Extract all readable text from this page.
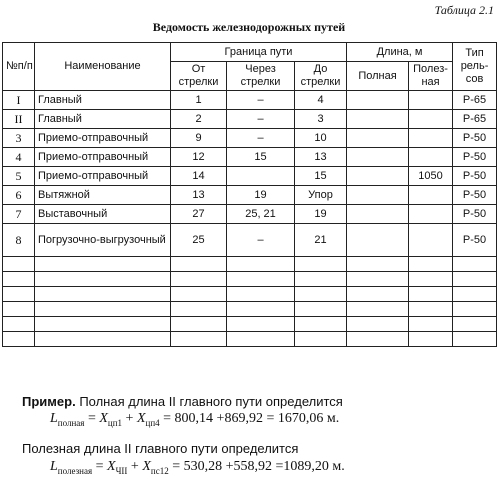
Таблица 2.1
Ведомость железнодорожных путей
№п/п	Наименование	Граница пути			Длина, м		Тип рель-сов
		От стрелки	Через стрелки	До стрелки	Полная	Полез-ная	
I	Главный	1	–	4			Р-65
II	Главный	2	–	3			Р-65
3	Приемо-отправочный	9	–	10			Р-50
4	Приемо-отправочный	12	15	13			Р-50
5	Приемо-отправочный	14		15		1050	Р-50
6	Вытяжной	13	19	Упор			Р-50
7	Выставочный	27	25, 21	19			Р-50
8	Погрузочно-выгрузочный	25	–	21			Р-50

Пример. Полная длина II главного пути определится
$L_{полная} = X_{цп1} + X_{цп4} = 800,14 +869,92 = 1670,06$ м.
Полезная длина II главного пути определится
$L_{полезная} = X_{ЧII} + X_{пс12} = 530,28 +558,92 =1089,20$ м.
